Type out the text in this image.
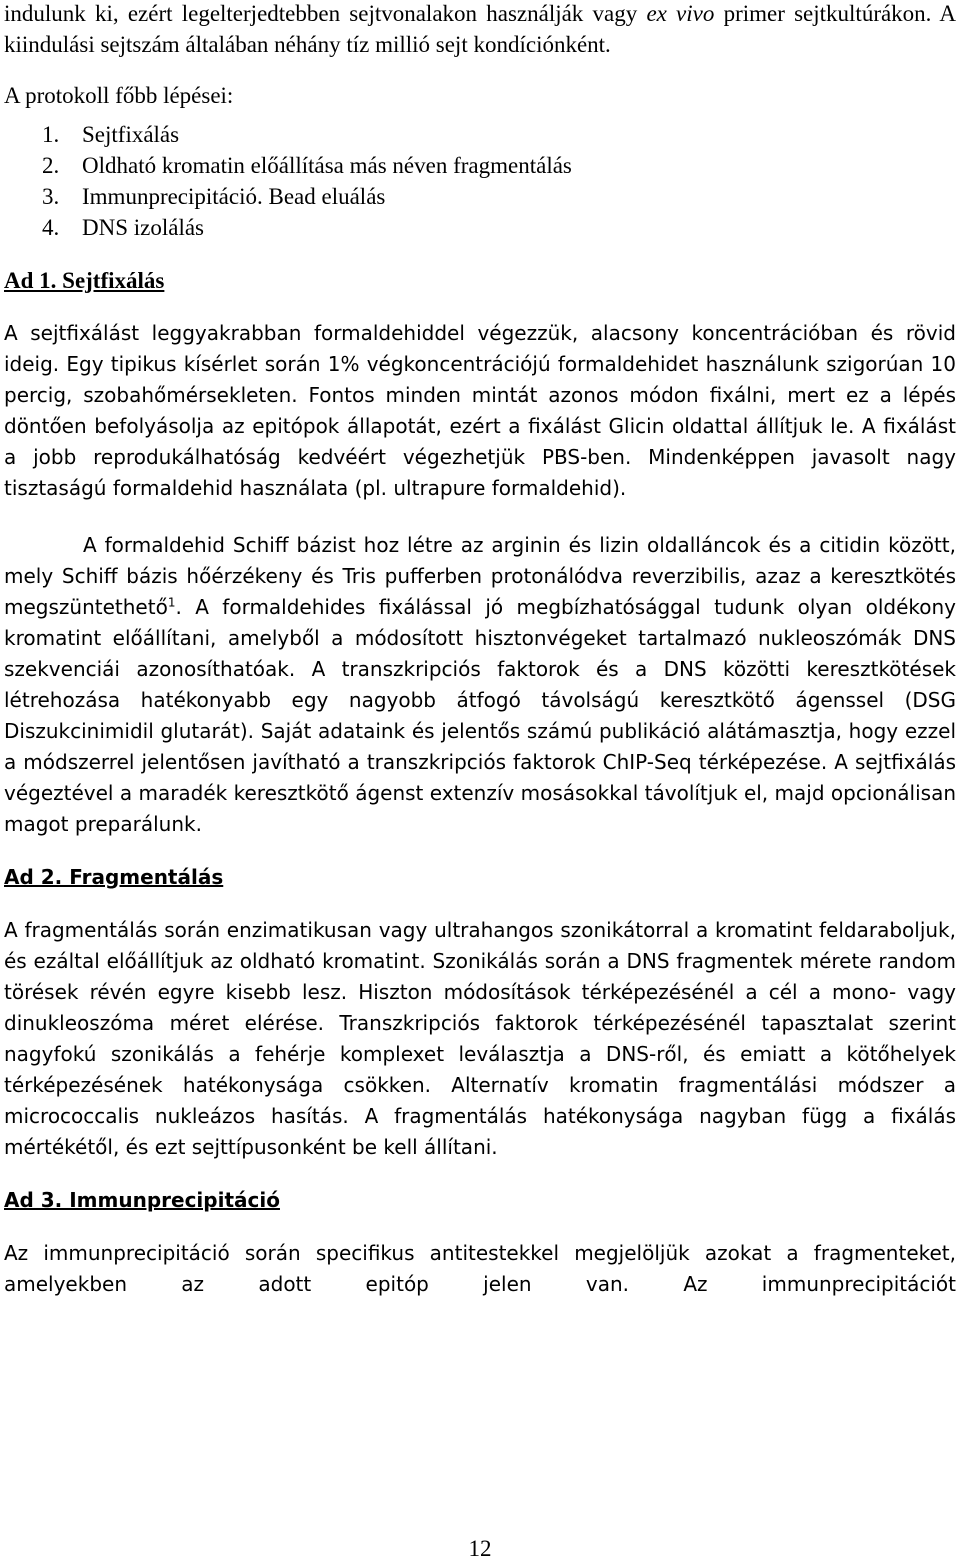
indulunk ki, ezért legelterjedtebben sejtvonalakon használják vagy ex vivo primer sejtkultúrákon. A kiindulási sejtszám általában néhány tíz millió sejt kondíciónként.

A protokoll főbb lépései:

1. Sejtfixálás
2. Oldható kromatin előállítása más néven fragmentálás
3. Immunprecipitáció. Bead eluálás
4. DNS izolálás
Ad 1. Sejtfixálás

A sejtfixálást leggyakrabban formaldehiddel végezzük, alacsony koncentrációban és rövid ideig. Egy tipikus kísérlet során 1% végkoncentrációjú formaldehidet használunk szigorúan 10 percig, szobahőmérsekleten. Fontos minden mintát azonos módon fixálni, mert ez a lépés döntően befolyásolja az epitópok állapotát, ezért a fixálást Glicin oldattal állítjuk le. A fixálást a jobb reprodukálhatóság kedvéért végezhetjük PBS-ben. Mindenképpen javasolt nagy tisztaságú formaldehid használata (pl. ultrapure formaldehid).

A formaldehid Schiff bázist hoz létre az arginin és lizin oldalláncok és a citidin között, mely Schiff bázis hőérzékeny és Tris pufferben protonálódva reverzibilis, azaz a keresztkötés megszüntethető$^1$. A formaldehides fixálással jó megbízhatósággal tudunk olyan oldékony kromatint előállítani, amelyből a módosított hisztonvégeket tartalmazó nukleoszómák DNS szekvenciái azonosíthatóak. A transzkripciós faktorok és a DNS közötti keresztkötések létrehozása hatékonyabb egy nagyobb átfogó távolságú keresztkötő ágenssel (DSG Diszukcinimidil glutarát). Saját adataink és jelentős számú publikáció alátámasztja, hogy ezzel a módszerrel jelentősen javítható a transzkripciós faktorok ChIP-Seq térképezése. A sejtfixálás végeztével a maradék keresztkötő ágenst extenzív mosásokkal távolítjuk el, majd opcionálisan magot preparálunk.

Ad 2. Fragmentálás

A fragmentálás során enzimatikusan vagy ultrahangos szonikátorral a kromatint feldaraboljuk, és ezáltal előállítjuk az oldható kromatint. Szonikálás során a DNS fragmentek mérete random törések révén egyre kisebb lesz. Hiszton módosítások térképezésénél a cél a mono- vagy dinukleoszóma méret elérése. Transzkripciós faktorok térképezésénél tapasztalat szerint nagyfokú szonikálás a fehérje komplexet leválasztja a DNS-ről, és emiatt a kötőhelyek térképezésének hatékonysága csökken. Alternatív kromatin fragmentálási módszer a micrococcalis nukleázos hasítás. A fragmentálás hatékonysága nagyban függ a fixálás mértékétől, és ezt sejttípusonként be kell állítani.

Ad 3. Immunprecipitáció

Az immunprecipitáció során specifikus antitestekkel megjelöljük azokat a fragmenteket, amelyekben az adott epitóp jelen van. Az immunprecipitációt

12
